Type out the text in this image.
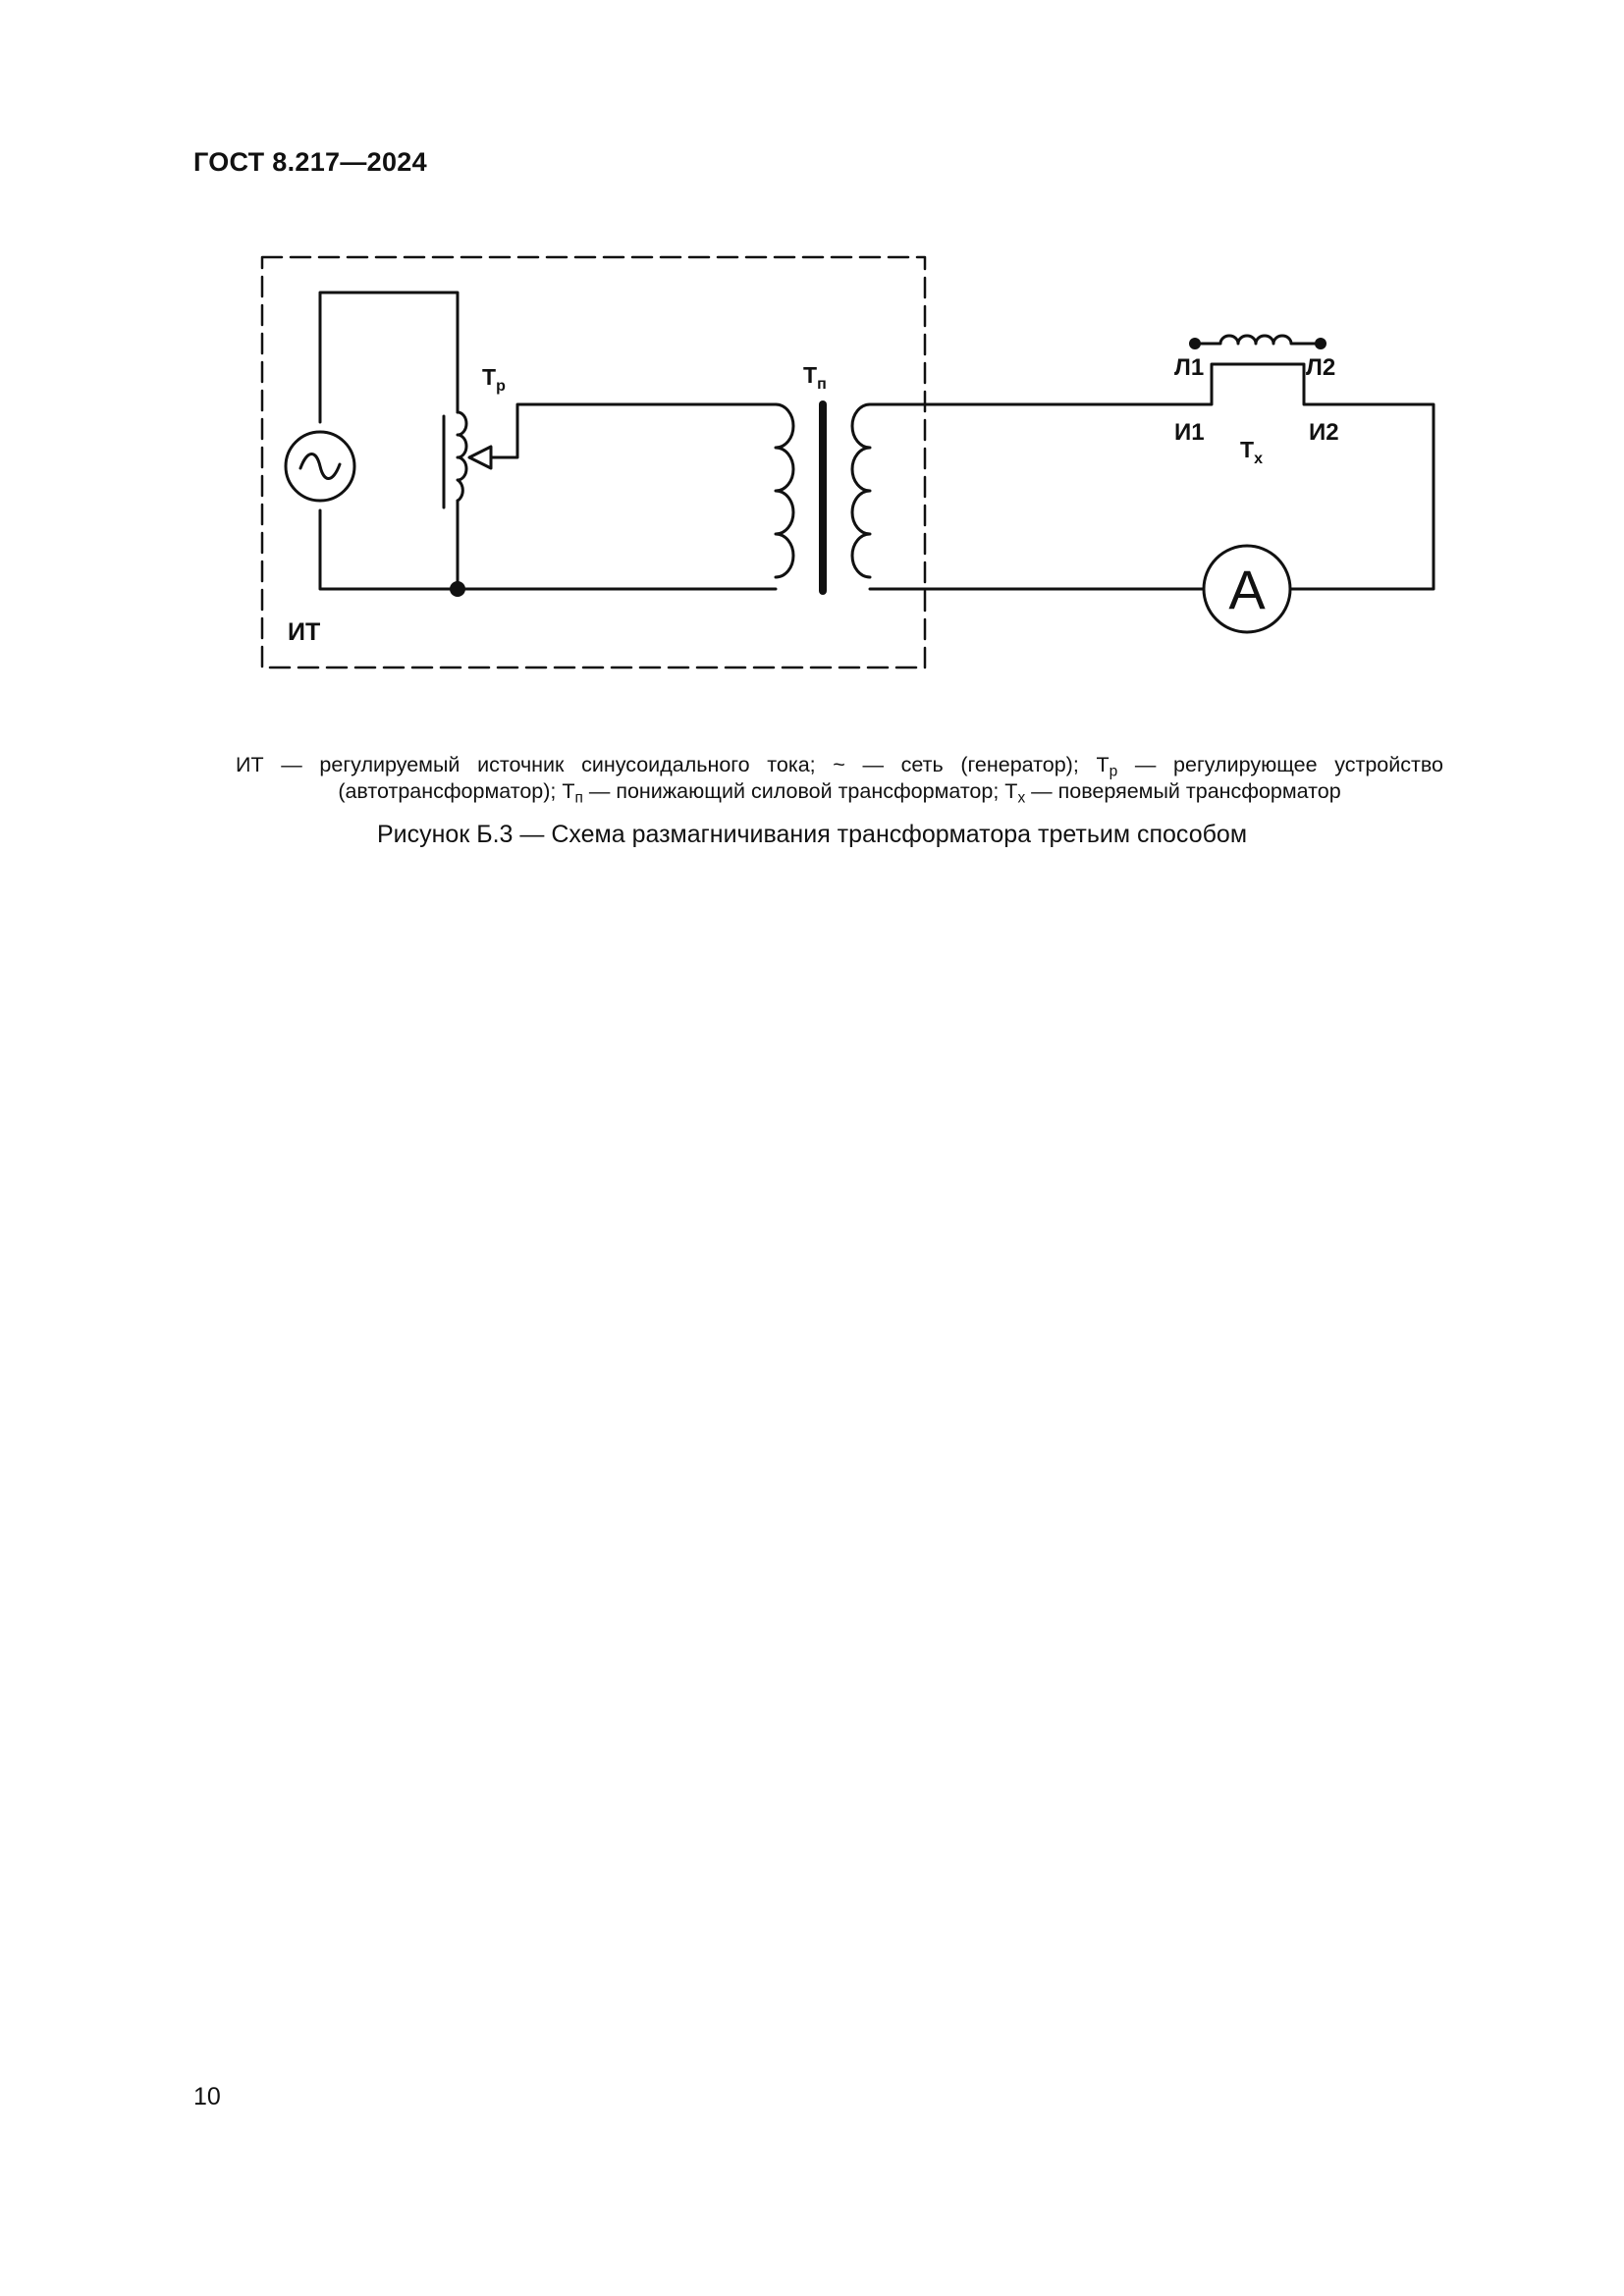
ГОСТ 8.217—2024
$Т_р$	$Т_п$
$Т_х$
Л1	Л2
И1	И2
ИТ
A
ИТ — регулируемый источник синусоидального тока; ~ — сеть (генератор); $Т_р$ — регулирующее устройство (автотрансформатор); $Т_п$ — понижающий силовой трансформатор; $Т_х$ — поверяемый трансформатор
Рисунок Б.3 — Схема размагничивания трансформатора третьим способом
10
